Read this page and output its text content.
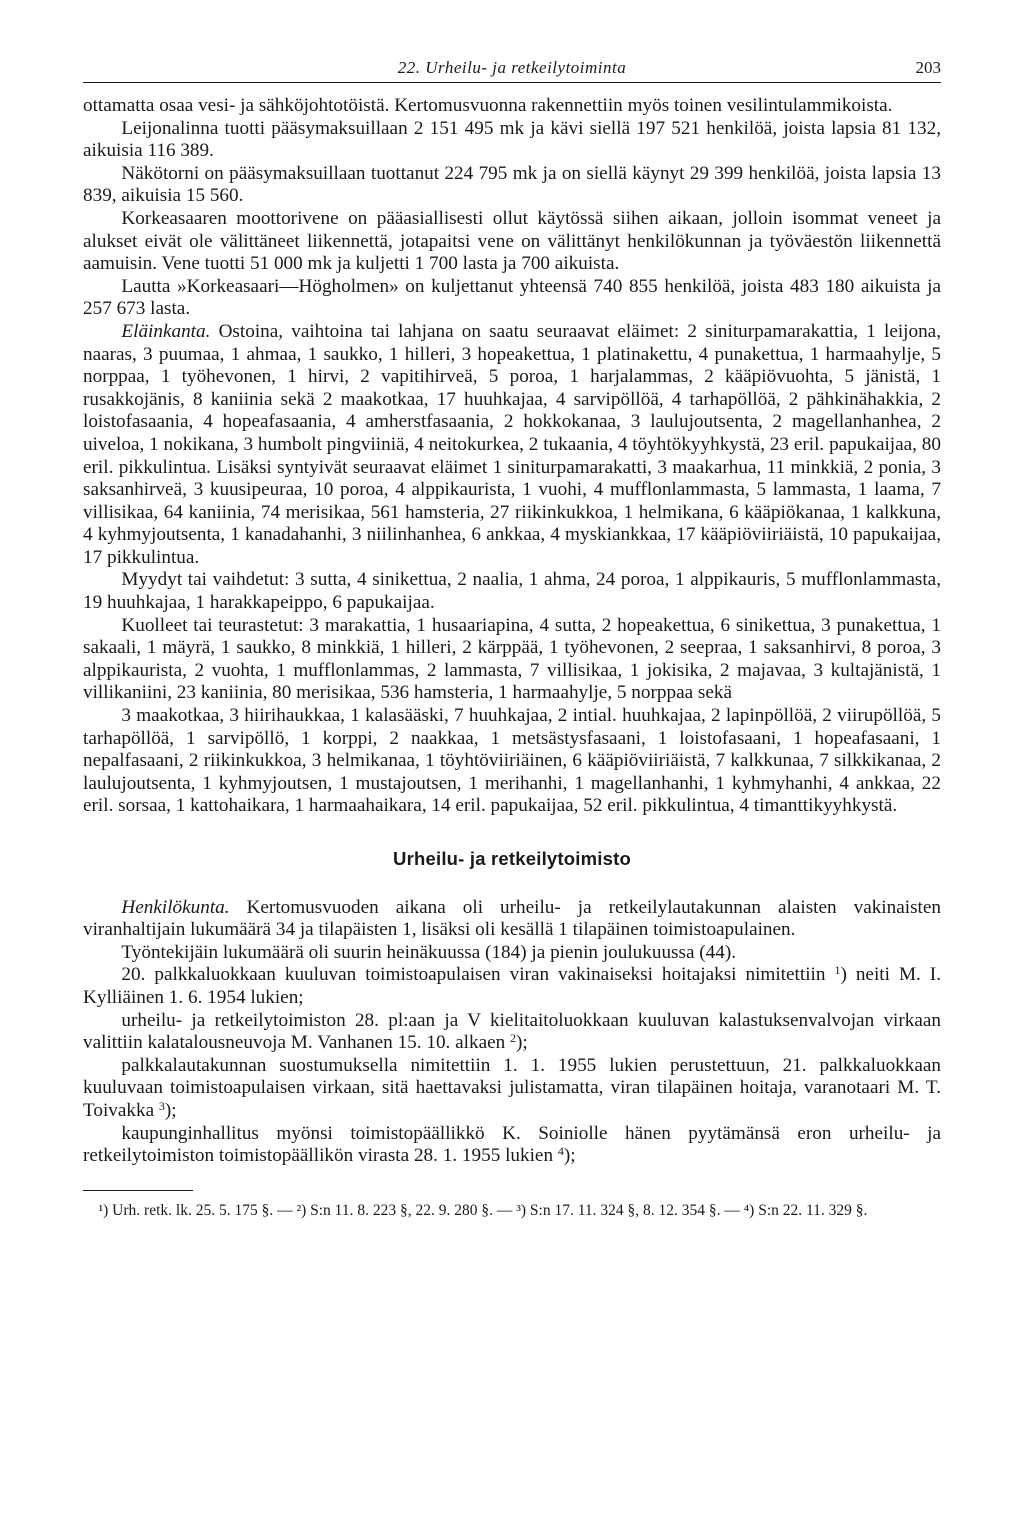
22. Urheilu- ja retkeilytoiminta	203

ottamatta osaa vesi- ja sähköjohtotöistä. Kertomusvuonna rakennettiin myös toinen vesilintulammikoista.

Leijonalinna tuotti pääsymaksuillaan 2 151 495 mk ja kävi siellä 197 521 henkilöä, joista lapsia 81 132, aikuisia 116 389.

Näkötorni on pääsymaksuillaan tuottanut 224 795 mk ja on siellä käynyt 29 399 henkilöä, joista lapsia 13 839, aikuisia 15 560.

Korkeasaaren moottorivene on pääasiallisesti ollut käytössä siihen aikaan, jolloin isommat veneet ja alukset eivät ole välittäneet liikennettä, jotapaitsi vene on välittänyt henkilökunnan ja työväestön liikennettä aamuisin. Vene tuotti 51 000 mk ja kuljetti 1 700 lasta ja 700 aikuista.

Lautta »Korkeasaari—Högholmen» on kuljettanut yhteensä 740 855 henkilöä, joista 483 180 aikuista ja 257 673 lasta.

Eläinkanta. Ostoina, vaihtoina tai lahjana on saatu seuraavat eläimet: 2 siniturpamarakattia, 1 leijona, naaras, 3 puumaa, 1 ahmaa, 1 saukko, 1 hilleri, 3 hopeakettua, 1 platinakettu, 4 punakettua, 1 harmaahylje, 5 norppaa, 1 työhevonen, 1 hirvi, 2 vapitihirveä, 5 poroa, 1 harjalammas, 2 kääpiövuohta, 5 jänistä, 1 rusakkojänis, 8 kaniinia sekä 2 maakotkaa, 17 huuhkajaa, 4 sarvipöllöä, 4 tarhapöllöä, 2 pähkinähakkia, 2 loistofasaania, 4 hopeafasaania, 4 amherstfasaania, 2 hokkokanaa, 3 laulujoutsenta, 2 magellanhanhea, 2 uiveloa, 1 nokikana, 3 humbolt pingviiniä, 4 neitokurkea, 2 tukaania, 4 töyhtökyyhkystä, 23 eril. papukaijaa, 80 eril. pikkulintua. Lisäksi syntyivät seuraavat eläimet 1 siniturpamarakatti, 3 maakarhua, 11 minkkiä, 2 ponia, 3 saksanhirveä, 3 kuusipeuraa, 10 poroa, 4 alppikauristа, 1 vuohi, 4 mufflonlammasta, 5 lammasta, 1 laama, 7 villisikaa, 64 kaniinia, 74 merisikaa, 561 hamsteria, 27 riikinkukkoa, 1 helmikana, 6 kääpiökanaa, 1 kalkkuna, 4 kyhmyjoutsenta, 1 kanadahanhi, 3 niilinhanhea, 6 ankkaa, 4 myskiankkaa, 17 kääpiöviiriäistä, 10 papukaijaa, 17 pikkulintua.

Myydyt tai vaihdetut: 3 sutta, 4 sinikettua, 2 naalia, 1 ahma, 24 poroa, 1 alppikauris, 5 mufflonlammasta, 19 huuhkajaa, 1 harakkapeippo, 6 papukaijaa.

Kuolleet tai teurastetut: 3 marakattia, 1 husaariapina, 4 sutta, 2 hopeakettua, 6 sinikettua, 3 punakettua, 1 sakaali, 1 mäyrä, 1 saukko, 8 minkkiä, 1 hilleri, 2 kärppää, 1 työhevonen, 2 seepraa, 1 saksanhirvi, 8 poroa, 3 alppikauristа, 2 vuohta, 1 mufflonlammas, 2 lammasta, 7 villisikaa, 1 jokisika, 2 majavaa, 3 kultajänistä, 1 villikaniini, 23 kaniinia, 80 merisikaa, 536 hamsteria, 1 harmaahylje, 5 norppaa sekä

3 maakotkaa, 3 hiirihaukkaa, 1 kalasääski, 7 huuhkajaa, 2 intial. huuhkajaa, 2 lapinpöllöä, 2 viirupöllöä, 5 tarhapöllöä, 1 sarvipöllö, 1 korppi, 2 naakkaa, 1 metsästysfasaani, 1 loistofasaani, 1 hopeafasaani, 1 nepalfasaani, 2 riikinkukkoa, 3 helmikanaa, 1 töyhtöviiriäinen, 6 kääpiöviiriäistä, 7 kalkkunaa, 7 silkkikanaa, 2 laulujoutsenta, 1 kyhmyjoutsen, 1 mustajoutsen, 1 merihanhi, 1 magellanhanhi, 1 kyhmyhanhi, 4 ankkaa, 22 eril. sorsaa, 1 kattohaikara, 1 harmaahaikara, 14 eril. papukaijaa, 52 eril. pikkulintua, 4 timanttikyyhkystä.

Urheilu- ja retkeilytoimisto

Henkilökunta. Kertomusvuoden aikana oli urheilu- ja retkeilylautakunnan alaisten vakinaisten viranhaltijain lukumäärä 34 ja tilapäisten 1, lisäksi oli kesällä 1 tilapäinen toimistoapulainen.

Työntekijäin lukumäärä oli suurin heinäkuussa (184) ja pienin joulukuussa (44).

20. palkkaluokkaan kuuluvan toimistoapulaisen viran vakinaiseksi hoitajaksi nimitettiin $^1$) neiti M. I. Kylliäinen 1. 6. 1954 lukien;

urheilu- ja retkeilytoimiston 28. pl:aan ja V kielitaitoluokkaan kuuluvan kalastuksenvalvojan virkaan valittiin kalatalousneuvoja M. Vanhanen 15. 10. alkaen $^2$);

palkkalautakunnan suostumuksella nimitettiin 1. 1. 1955 lukien perustettuun, 21. palkkaluokkaan kuuluvaan toimistoapulaisen virkaan, sitä haettavaksi julistamatta, viran tilapäinen hoitaja, varanotaari M. T. Toivakka $^3$);

kaupunginhallitus myönsi toimistopäällikkö K. Soiniolle hänen pyytämänsä eron urheilu- ja retkeilytoimiston toimistopäällikön virasta 28. 1. 1955 lukien $^4$);

¹) Urh. retk. lk. 25. 5. 175 §. — ²) S:n 11. 8. 223 §, 22. 9. 280 §. — ³) S:n 17. 11. 324 §, 8. 12. 354 §. — ⁴) S:n 22. 11. 329 §.
